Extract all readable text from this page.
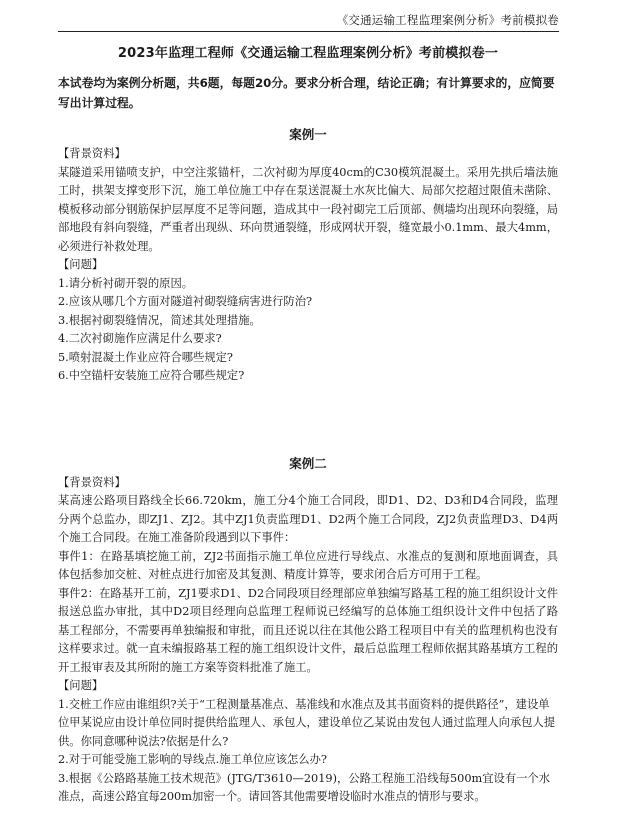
《交通运输工程监理案例分析》考前模拟卷
2023年监理工程师《交通运输工程监理案例分析》考前模拟卷一

本试卷均为案例分析题，共6题，每题20分。要求分析合理，结论正确；有计算要求的，应简要写出计算过程。

案例一

【背景资料】

某隧道采用锚喷支护，中空注浆锚杆，二次衬砌为厚度40cm的C30模筑混凝土。采用先拱后墙法施工时，拱架支撑变形下沉，施工单位施工中存在泵送混凝土水灰比偏大、局部欠挖超过限值未凿除、模板移动部分钢筋保护层厚度不足等问题，造成其中一段衬砌完工后顶部、侧墙均出现环向裂缝，局部地段有斜向裂缝，严重者出现纵、环向贯通裂缝，形成网状开裂，缝宽最小0.1mm、最大4mm，必须进行补救处理。

【问题】

1.请分析衬砌开裂的原因。
2.应该从哪几个方面对隧道衬砌裂缝病害进行防治?
3.根据衬砌裂缝情况，简述其处理措施。
4.二次衬砌施作应满足什么要求?
5.喷射混凝土作业应符合哪些规定?
6.中空锚杆安装施工应符合哪些规定?
案例二

【背景资料】

某高速公路项目路线全长66.720km，施工分4个施工合同段，即D1、D2、D3和D4合同段，监理分两个总监办，即ZJ1、ZJ2。其中ZJ1负责监理D1、D2两个施工合同段，ZJ2负责监理D3、D4两个施工合同段。在施工准备阶段遇到以下事件：

事件1：在路基填挖施工前，ZJ2书面指示施工单位应进行导线点、水准点的复测和原地面调查，具体包括参加交桩、对桩点进行加密及其复测、精度计算等，要求闭合后方可用于工程。

事件2：在路基开工前，ZJ1要求D1、D2合同段项目经理部应单独编写路基工程的施工组织设计文件报送总监办审批，其中D2项目经理向总监理工程师说已经编写的总体施工组织设计文件中包括了路基工程部分，不需要再单独编报和审批，而且还说以往在其他公路工程项目中有关的监理机构也没有这样要求过。就一直未编报路基工程的施工组织设计文件，最后总监理工程师依据其路基填方工程的开工报审表及其所附的施工方案等资料批准了施工。

【问题】

1.交桩工作应由谁组织?关于“工程测量基准点、基准线和水准点及其书面资料的提供路径”，建设单位甲某说应由设计单位同时提供给监理人、承包人，建设单位乙某说由发包人通过监理人向承包人提供。你同意哪种说法?依据是什么?
2.对于可能受施工影响的导线点.施工单位应该怎么办?
3.根据《公路路基施工技术规范》(JTG/T3610—2019)，公路工程施工沿线每500m宜设有一个水准点，高速公路宜每200m加密一个。请回答其他需要增设临时水准点的情形与要求。
